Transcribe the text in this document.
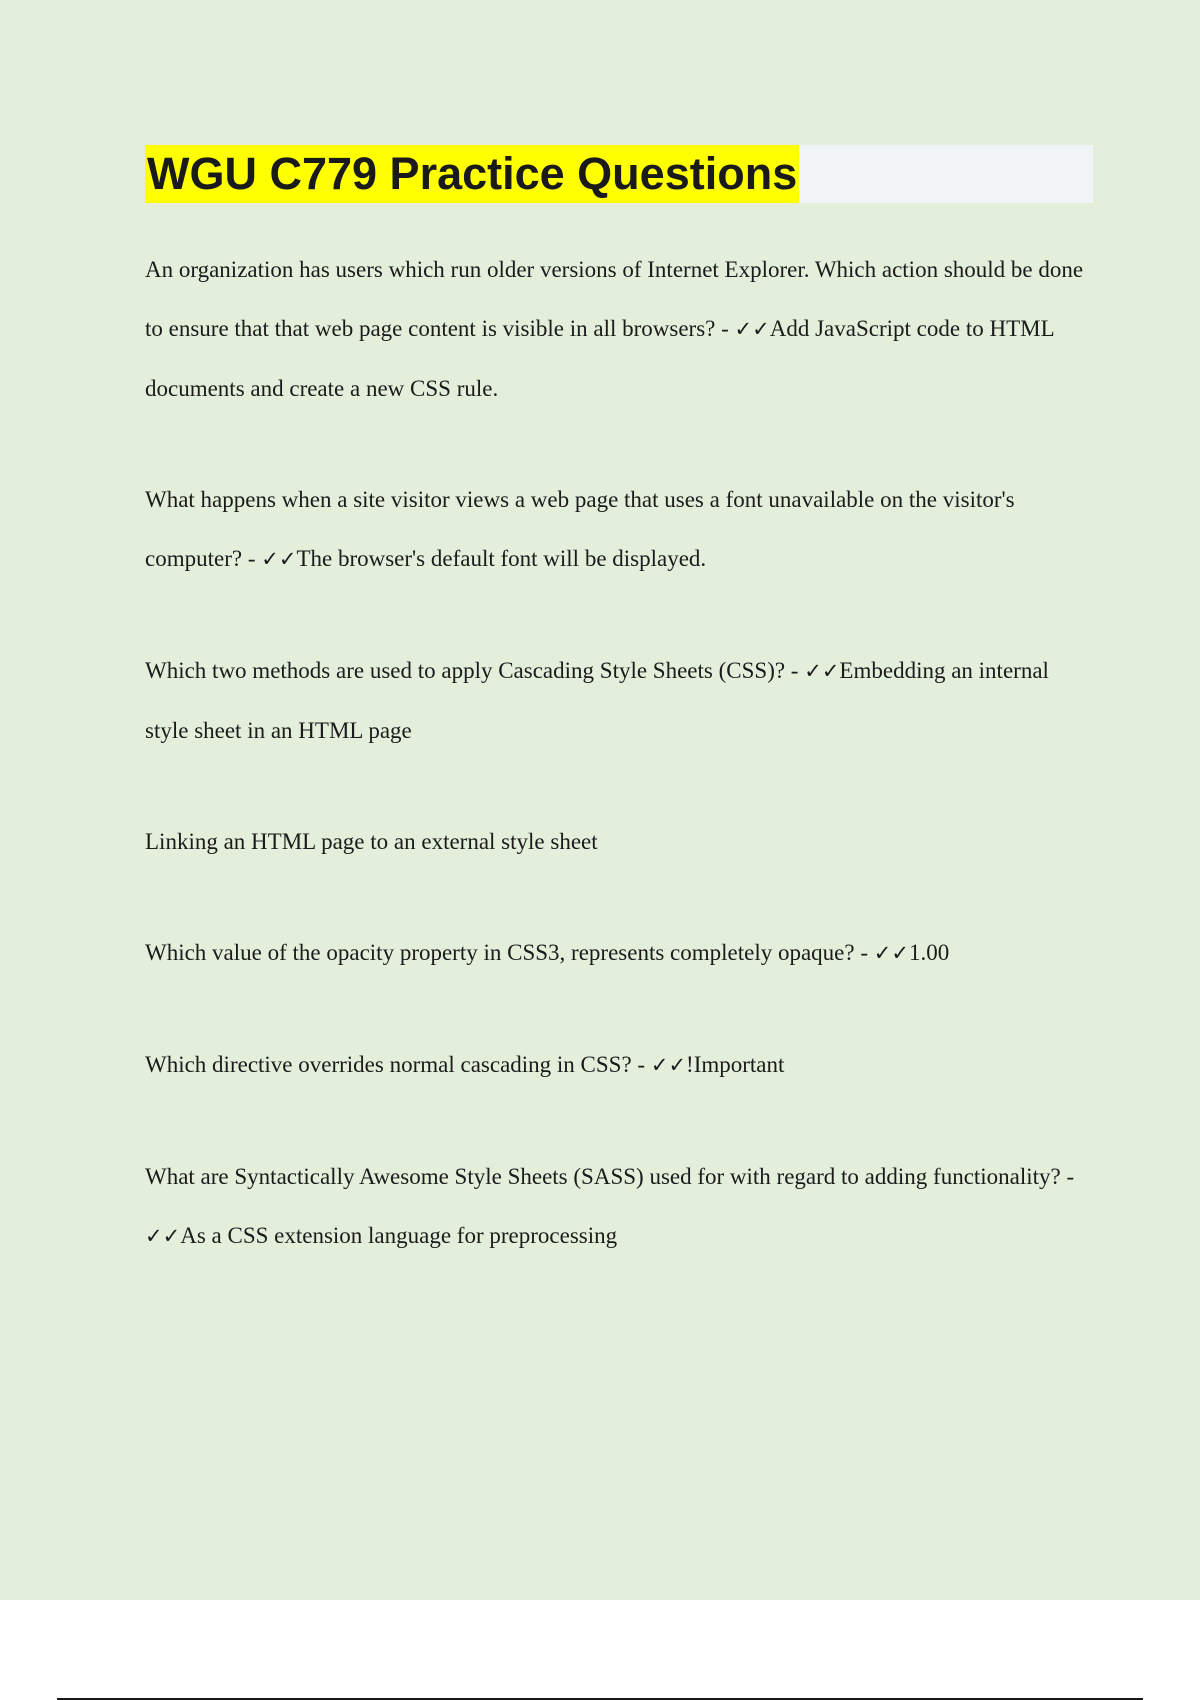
WGU C779 Practice Questions

An organization has users which run older versions of Internet Explorer. Which action should be done to ensure that that web page content is visible in all browsers? - ✓✓Add JavaScript code to HTML documents and create a new CSS rule.

What happens when a site visitor views a web page that uses a font unavailable on the visitor's computer? - ✓✓The browser's default font will be displayed.

Which two methods are used to apply Cascading Style Sheets (CSS)? - ✓✓Embedding an internal style sheet in an HTML page

Linking an HTML page to an external style sheet

Which value of the opacity property in CSS3, represents completely opaque? - ✓✓1.00

Which directive overrides normal cascading in CSS? - ✓✓!Important

What are Syntactically Awesome Style Sheets (SASS) used for with regard to adding functionality? - ✓✓As a CSS extension language for preprocessing
